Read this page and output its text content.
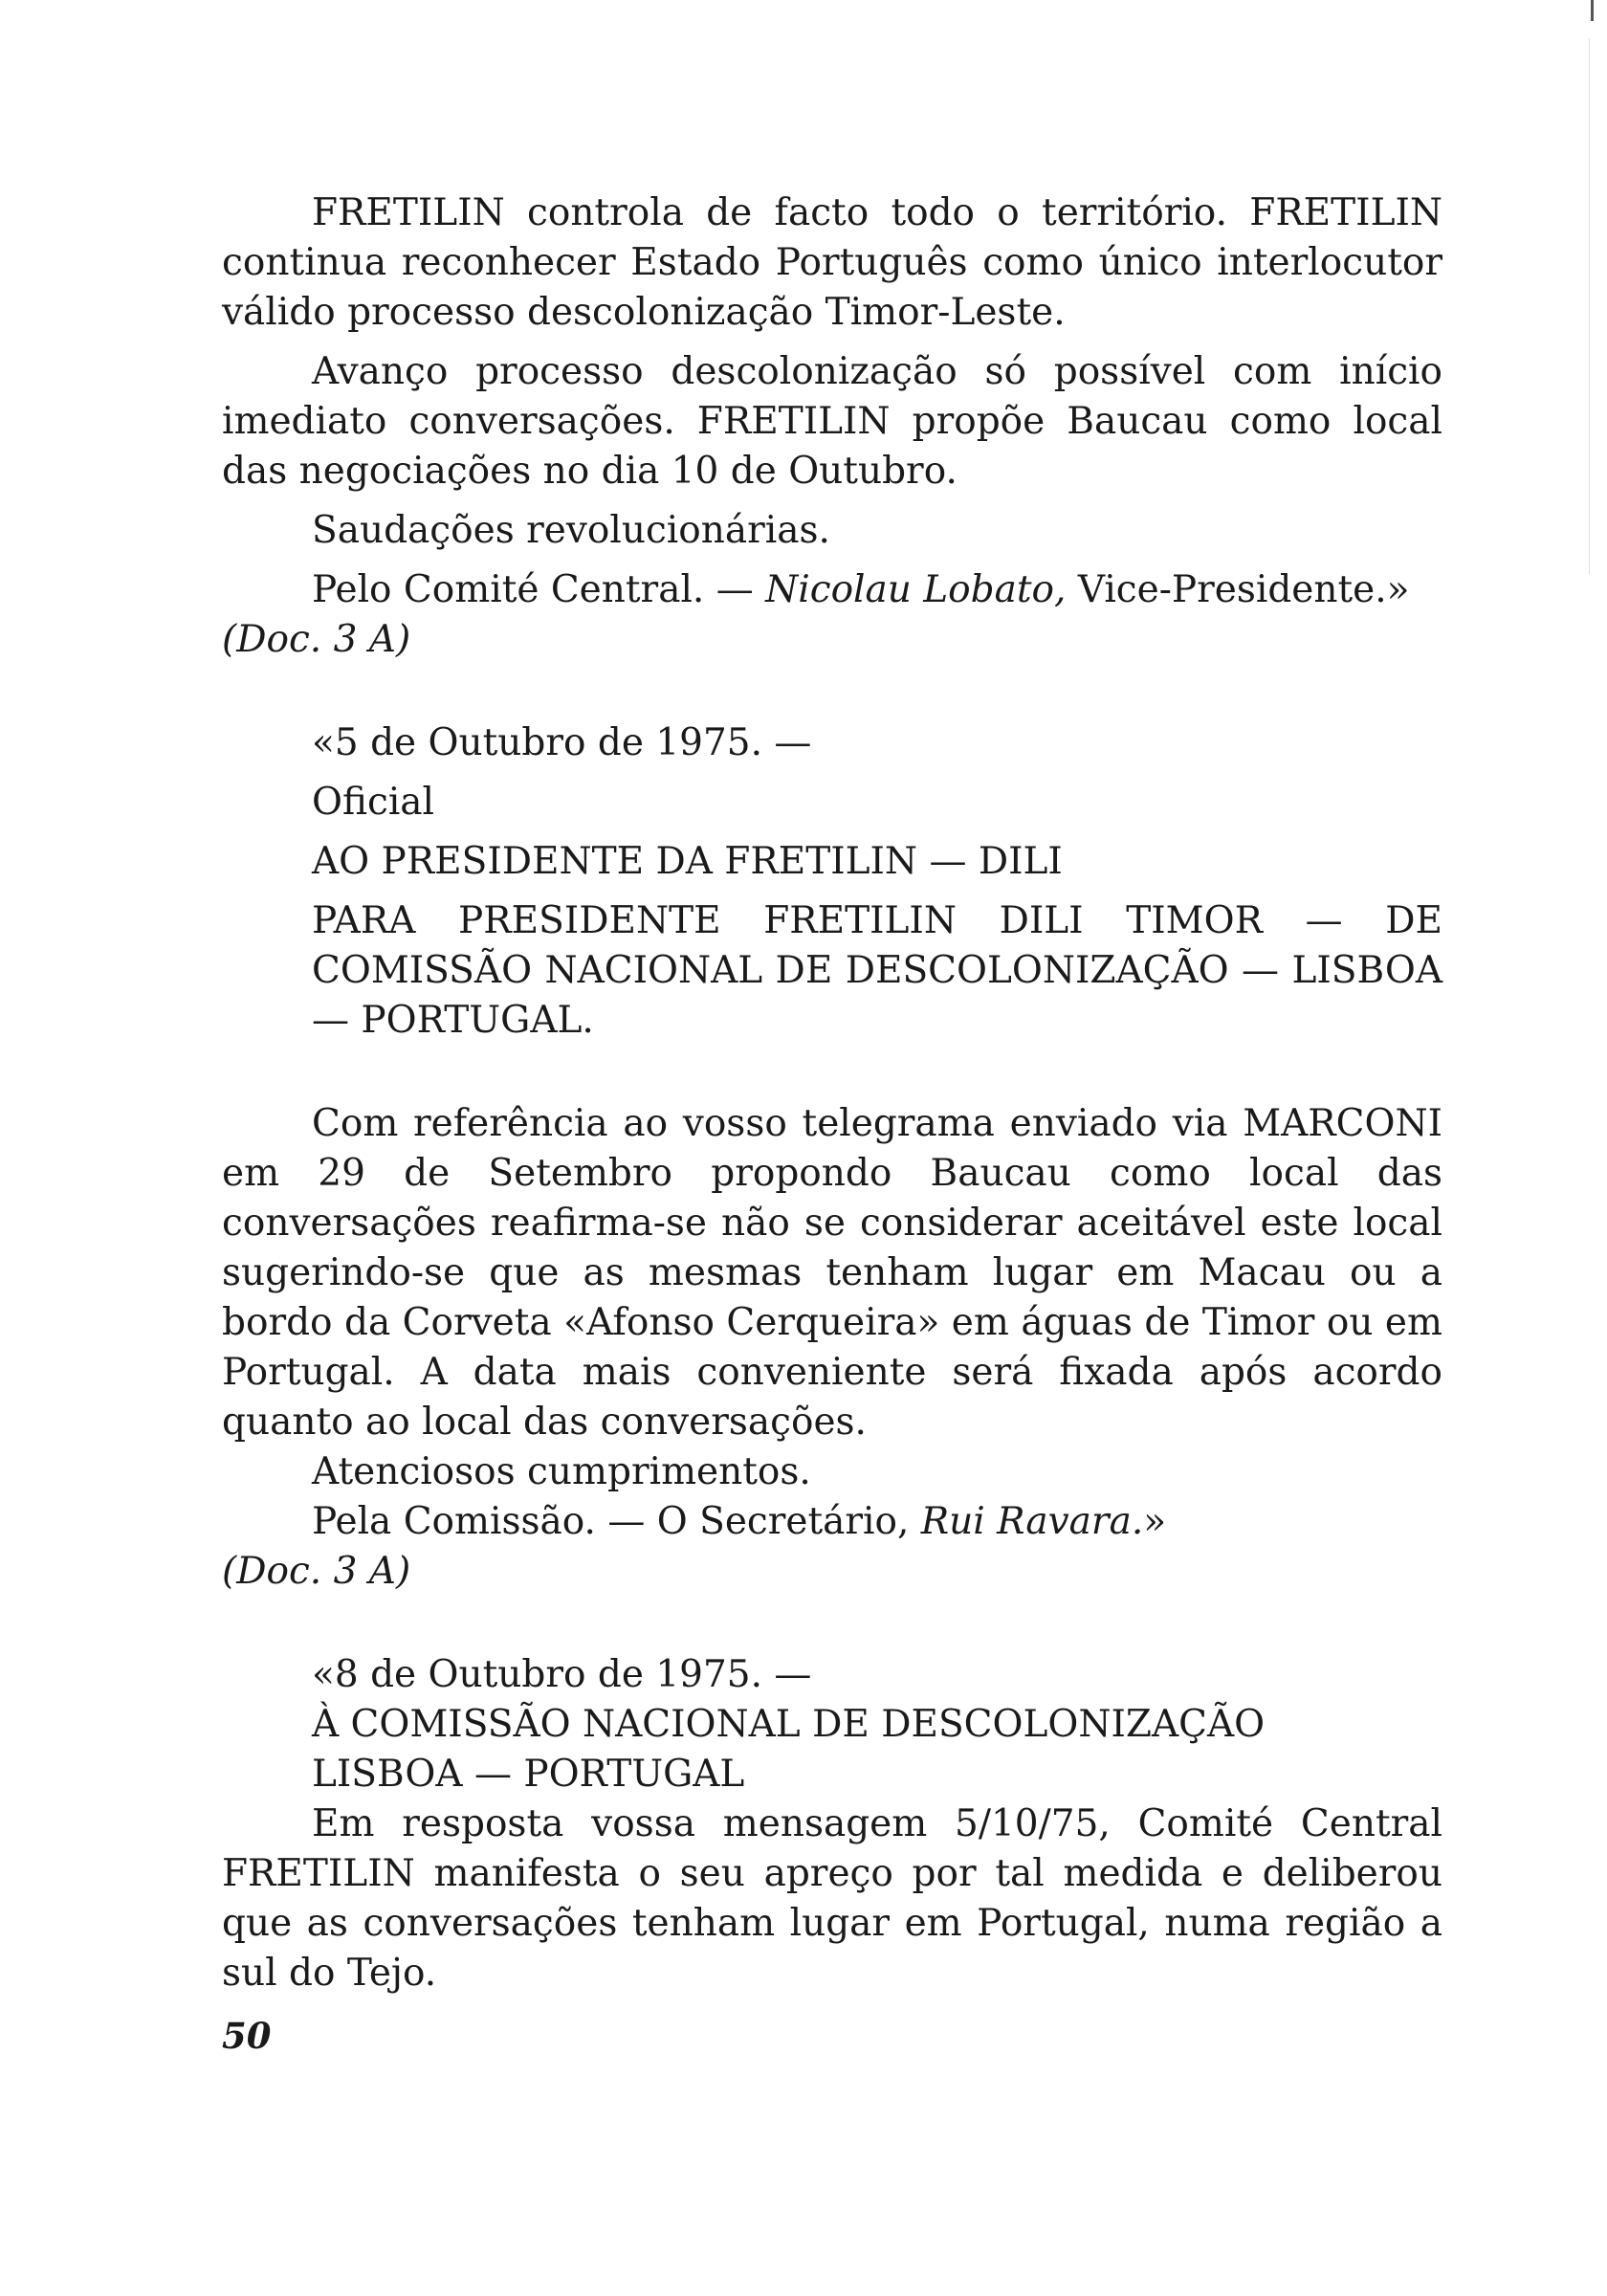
FRETILIN controla de facto todo o território. FRETILIN continua reconhecer Estado Português como único interlocutor válido processo descolonização Timor-Leste.

Avanço processo descolonização só possível com início imediato conversações. FRETILIN propõe Baucau como local das negociações no dia 10 de Outubro.

Saudações revolucionárias.

Pelo Comité Central. — Nicolau Lobato, Vice-Presidente.»

(Doc. 3 A)

«5 de Outubro de 1975. —

Oficial

AO PRESIDENTE DA FRETILIN — DILI

PARA PRESIDENTE FRETILIN DILI TIMOR — DE COMISSÃO NACIONAL DE DESCOLONIZAÇÃO — LISBOA — PORTUGAL.

Com referência ao vosso telegrama enviado via MARCONI em 29 de Setembro propondo Baucau como local das conversações reafirma-se não se considerar aceitável este local sugerindo-se que as mesmas tenham lugar em Macau ou a bordo da Corveta «Afonso Cerqueira» em águas de Timor ou em Portugal. A data mais conveniente será fixada após acordo quanto ao local das conversações.

Atenciosos cumprimentos.

Pela Comissão. — O Secretário, Rui Ravara.»

(Doc. 3 A)

«8 de Outubro de 1975. —

À COMISSÃO NACIONAL DE DESCOLONIZAÇÃO

LISBOA — PORTUGAL

Em resposta vossa mensagem 5/10/75, Comité Central FRETILIN manifesta o seu apreço por tal medida e deliberou que as conversações tenham lugar em Portugal, numa região a sul do Tejo.

50
